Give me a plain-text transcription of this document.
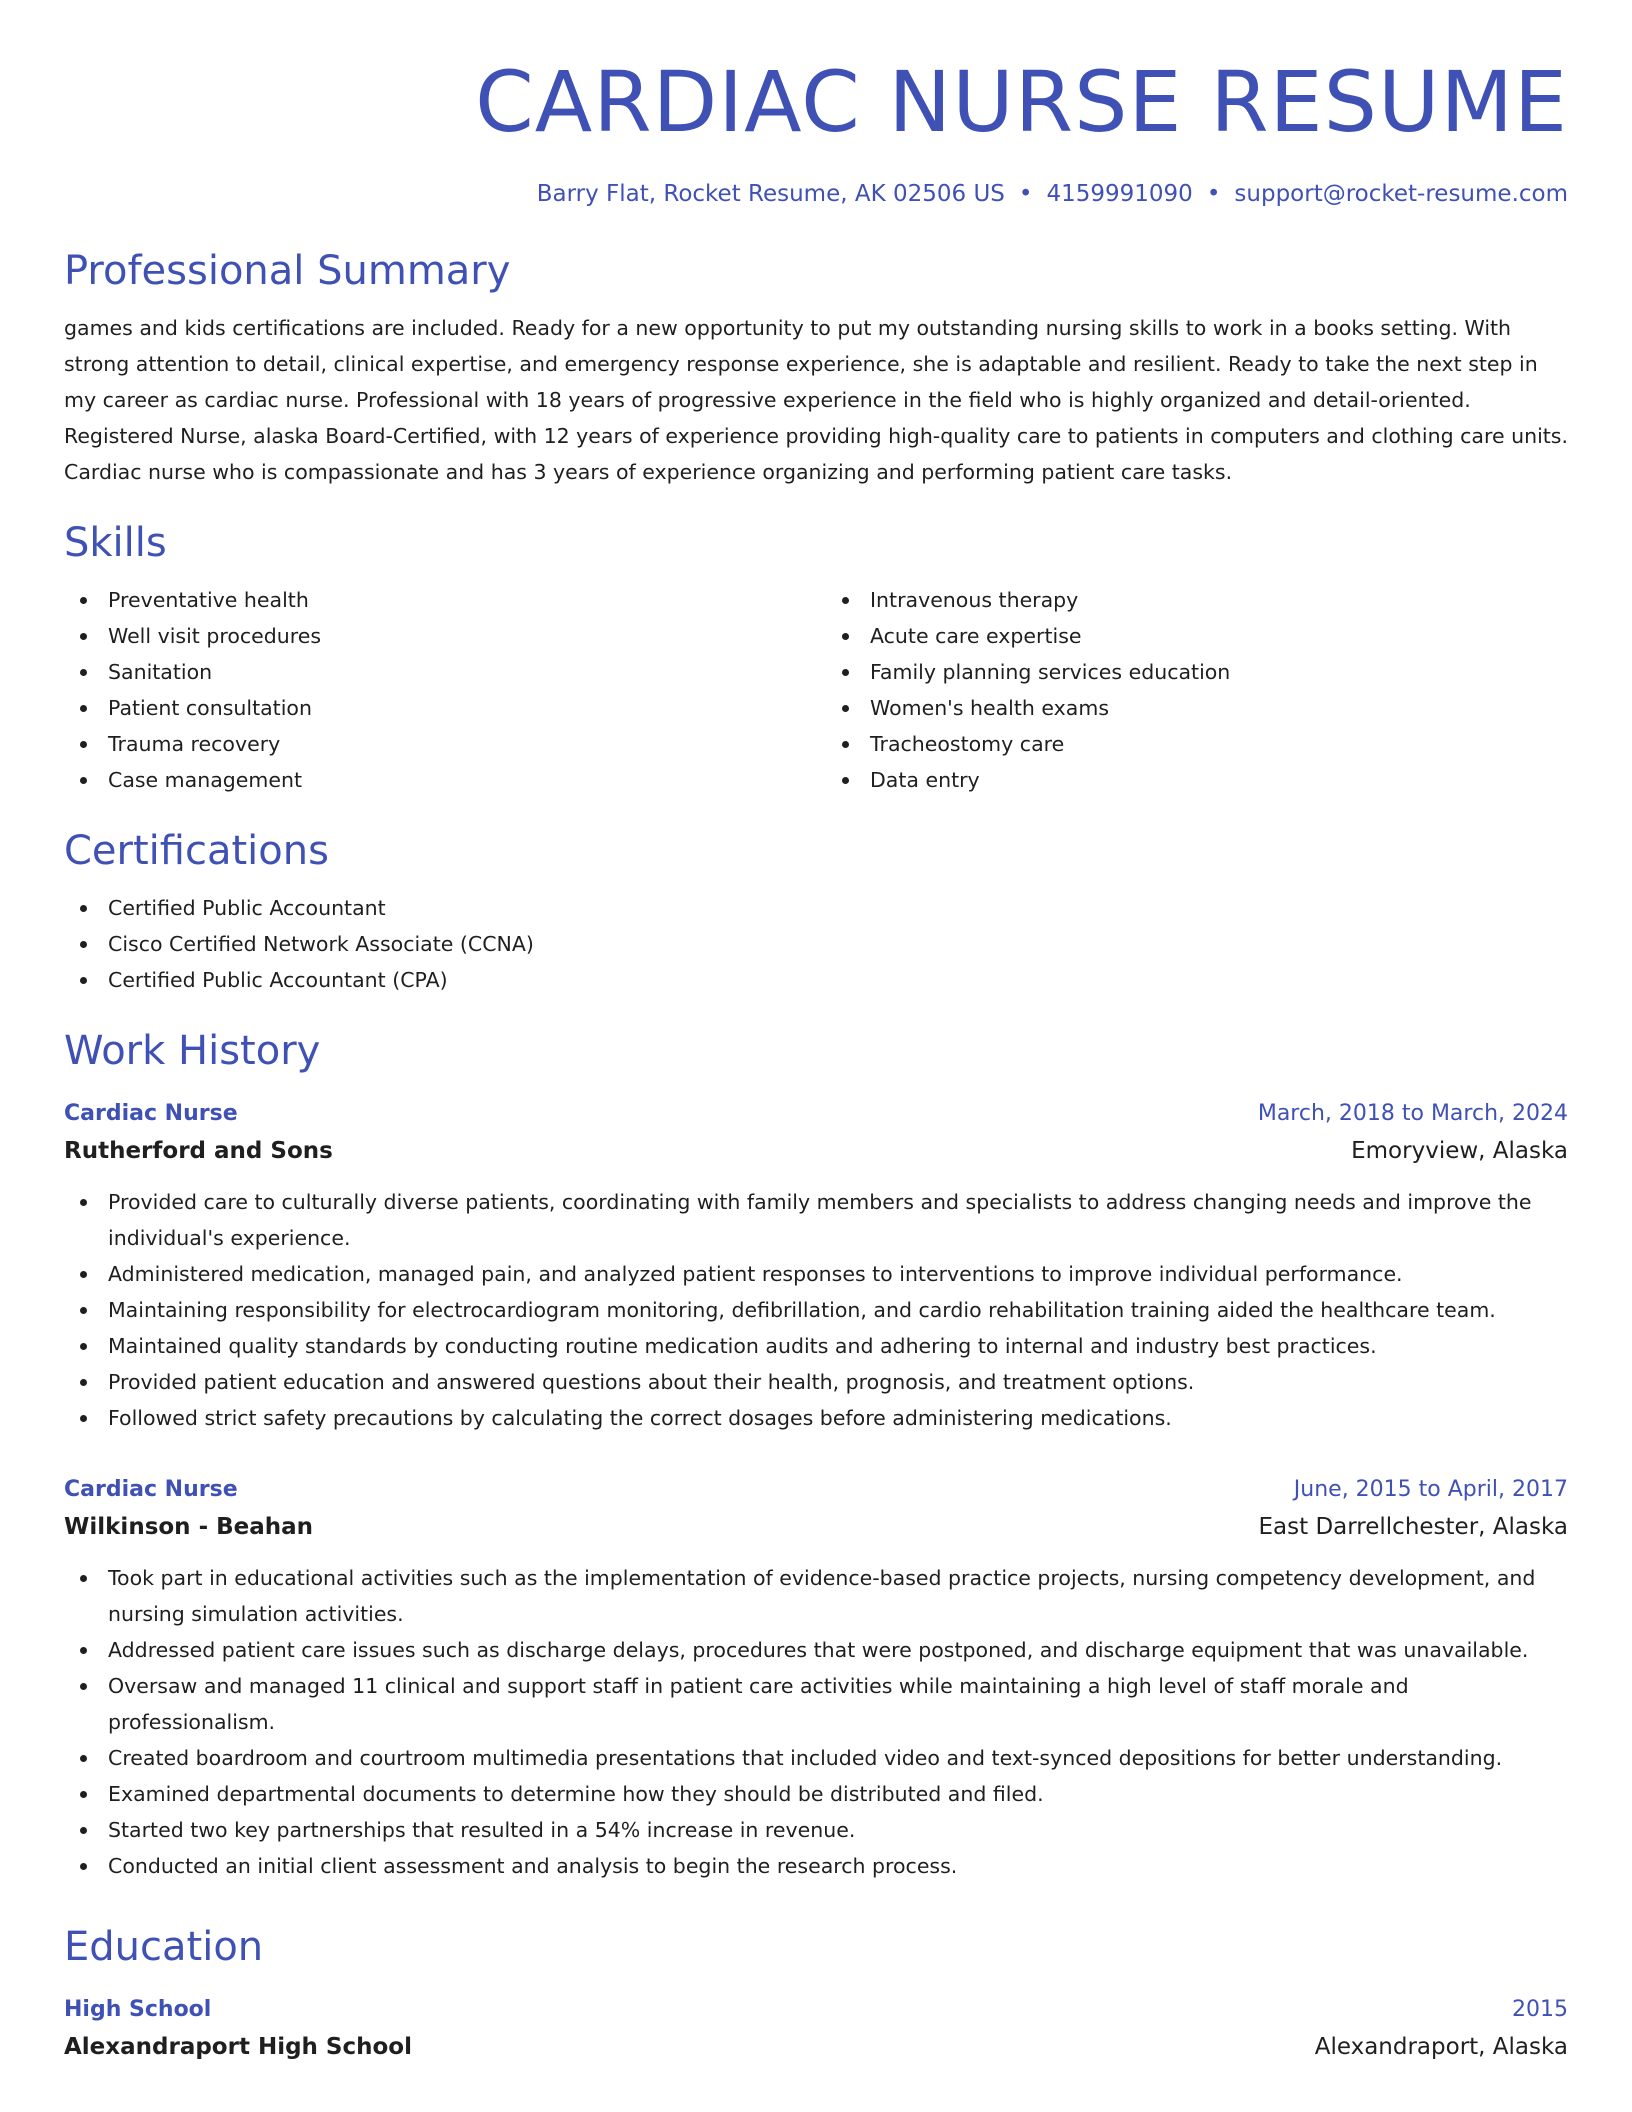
CARDIAC NURSE RESUME
Barry Flat, Rocket Resume, AK 02506 US • 4159991090 • support@rocket-resume.com
Professional Summary

games and kids certifications are included. Ready for a new opportunity to put my outstanding nursing skills to work in a books setting. With strong attention to detail, clinical expertise, and emergency response experience, she is adaptable and resilient. Ready to take the next step in my career as cardiac nurse. Professional with 18 years of progressive experience in the field who is highly organized and detail-oriented. Registered Nurse, alaska Board-Certified, with 12 years of experience providing high-quality care to patients in computers and clothing care units. Cardiac nurse who is compassionate and has 3 years of experience organizing and performing patient care tasks.

Skills
Preventative health
Well visit procedures
Sanitation
Patient consultation
Trauma recovery
Case management
Intravenous therapy
Acute care expertise
Family planning services education
Women's health exams
Tracheostomy care
Data entry
Certifications
Certified Public Accountant
Cisco Certified Network Associate (CCNA)
Certified Public Accountant (CPA)
Work History
Cardiac Nurse	March, 2018 to March, 2024
Rutherford and Sons	Emoryview, Alaska
Provided care to culturally diverse patients, coordinating with family members and specialists to address changing needs and improve the individual's experience.
Administered medication, managed pain, and analyzed patient responses to interventions to improve individual performance.
Maintaining responsibility for electrocardiogram monitoring, defibrillation, and cardio rehabilitation training aided the healthcare team.
Maintained quality standards by conducting routine medication audits and adhering to internal and industry best practices.
Provided patient education and answered questions about their health, prognosis, and treatment options.
Followed strict safety precautions by calculating the correct dosages before administering medications.
Cardiac Nurse	June, 2015 to April, 2017
Wilkinson - Beahan	East Darrellchester, Alaska
Took part in educational activities such as the implementation of evidence-based practice projects, nursing competency development, and nursing simulation activities.
Addressed patient care issues such as discharge delays, procedures that were postponed, and discharge equipment that was unavailable.
Oversaw and managed 11 clinical and support staff in patient care activities while maintaining a high level of staff morale and professionalism.
Created boardroom and courtroom multimedia presentations that included video and text-synced depositions for better understanding.
Examined departmental documents to determine how they should be distributed and filed.
Started two key partnerships that resulted in a 54% increase in revenue.
Conducted an initial client assessment and analysis to begin the research process.
Education
High School	2015
Alexandraport High School	Alexandraport, Alaska
